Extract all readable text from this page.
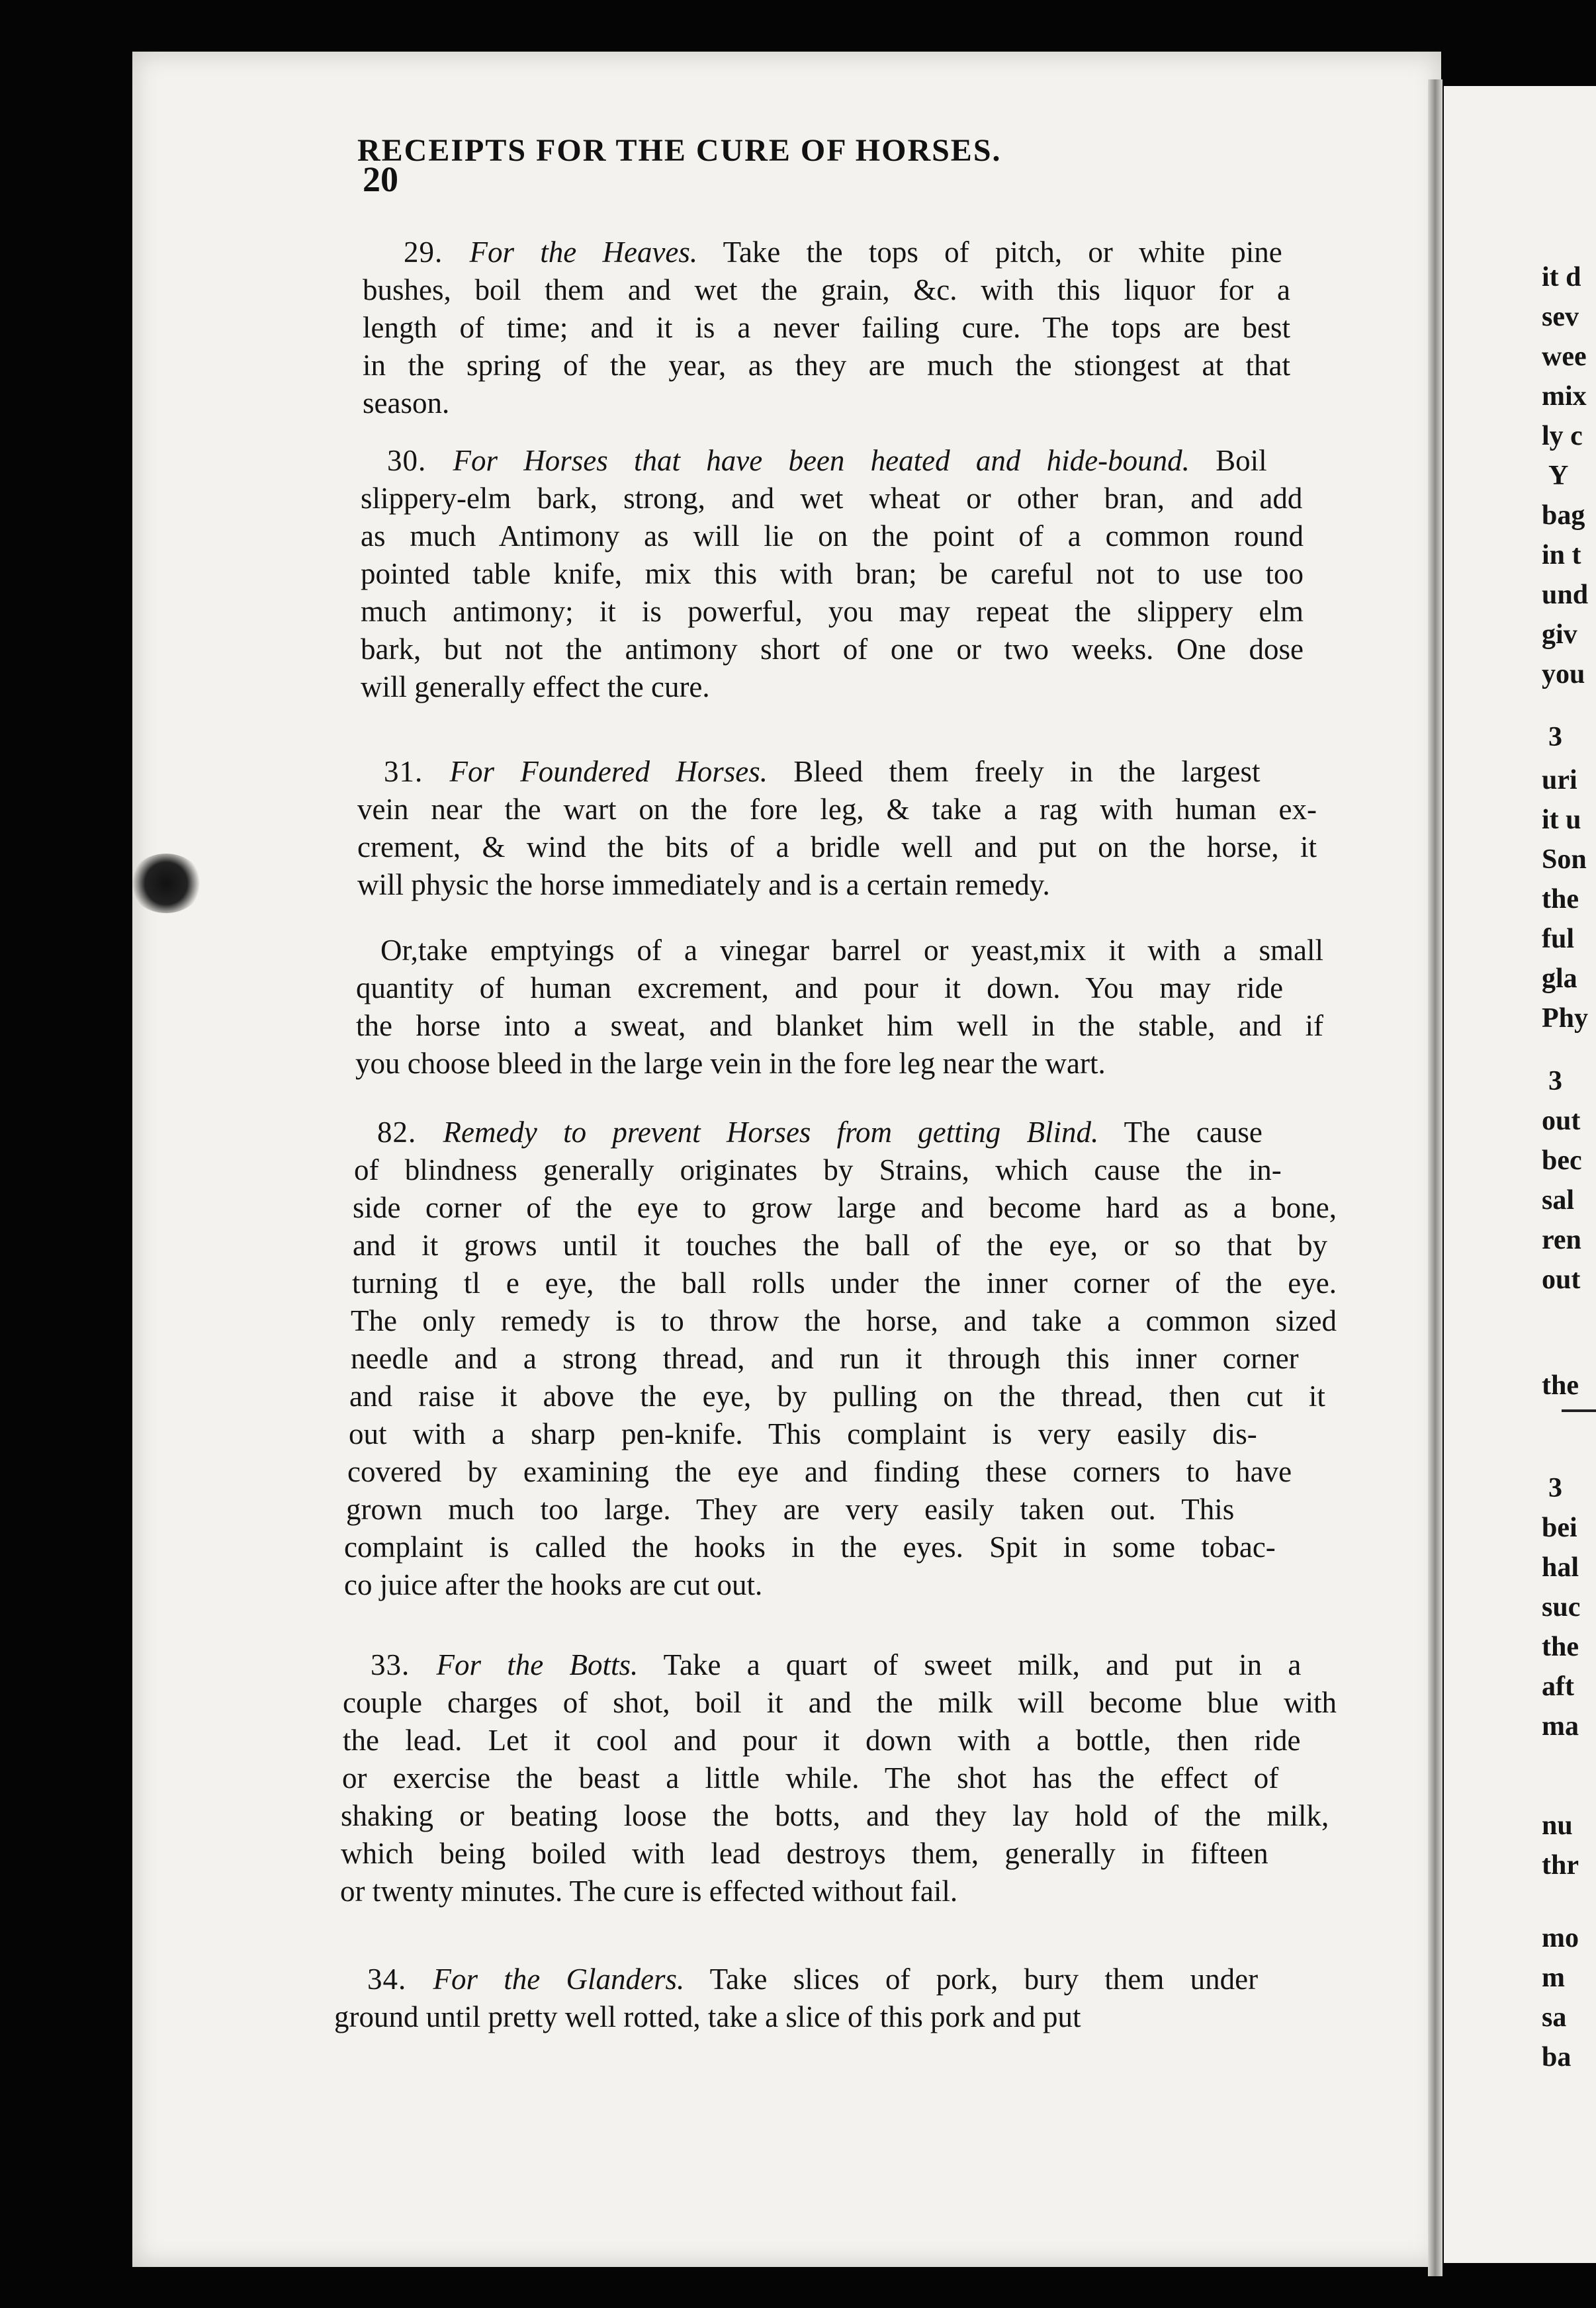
it d
sev
wee
mix
ly c
Y
bag
in t
und
giv
you
3
uri
it u
Son
the
ful
gla
Phy
3
out
bec
sal
ren
out
the
3
bei
hal
suc
the
aft
ma
nu
thr
mo
m
sa
ba
20
RECEIPTS FOR THE CURE OF HORSES.
29. For the Heaves. Take the tops of pitch, or white pine
bushes, boil them and wet the grain, &c. with this liquor for a
length of time; and it is a never failing cure. The tops are best
in the spring of the year, as they are much the stiongest at that
season.
30. For Horses that have been heated and hide-bound. Boil
slippery-elm bark, strong, and wet wheat or other bran, and add
as much Antimony as will lie on the point of a common round
pointed table knife, mix this with bran; be careful not to use too
much antimony; it is powerful, you may repeat the slippery elm
bark, but not the antimony short of one or two weeks. One dose
will generally effect the cure.
31. For Foundered Horses. Bleed them freely in the largest
vein near the wart on the fore leg, & take a rag with human ex-
crement, & wind the bits of a bridle well and put on the horse, it
will physic the horse immediately and is a certain remedy.
Or,take emptyings of a vinegar barrel or yeast,mix it with a small
quantity of human excrement, and pour it down. You may ride
the horse into a sweat, and blanket him well in the stable, and if
you choose bleed in the large vein in the fore leg near the wart.
82. Remedy to prevent Horses from getting Blind. The cause
of blindness generally originates by Strains, which cause the in-
side corner of the eye to grow large and become hard as a bone,
and it grows until it touches the ball of the eye, or so that by
turning tl e eye, the ball rolls under the inner corner of the eye.
The only remedy is to throw the horse, and take a common sized
needle and a strong thread, and run it through this inner corner
and raise it above the eye, by pulling on the thread, then cut it
out with a sharp pen-knife. This complaint is very easily dis-
covered by examining the eye and finding these corners to have
grown much too large. They are very easily taken out. This
complaint is called the hooks in the eyes. Spit in some tobac-
co juice after the hooks are cut out.
33. For the Botts. Take a quart of sweet milk, and put in a
couple charges of shot, boil it and the milk will become blue with
the lead. Let it cool and pour it down with a bottle, then ride
or exercise the beast a little while. The shot has the effect of
shaking or beating loose the botts, and they lay hold of the milk,
which being boiled with lead destroys them, generally in fifteen
or twenty minutes. The cure is effected without fail.
34. For the Glanders. Take slices of pork, bury them under
ground until pretty well rotted, take a slice of this pork and put
